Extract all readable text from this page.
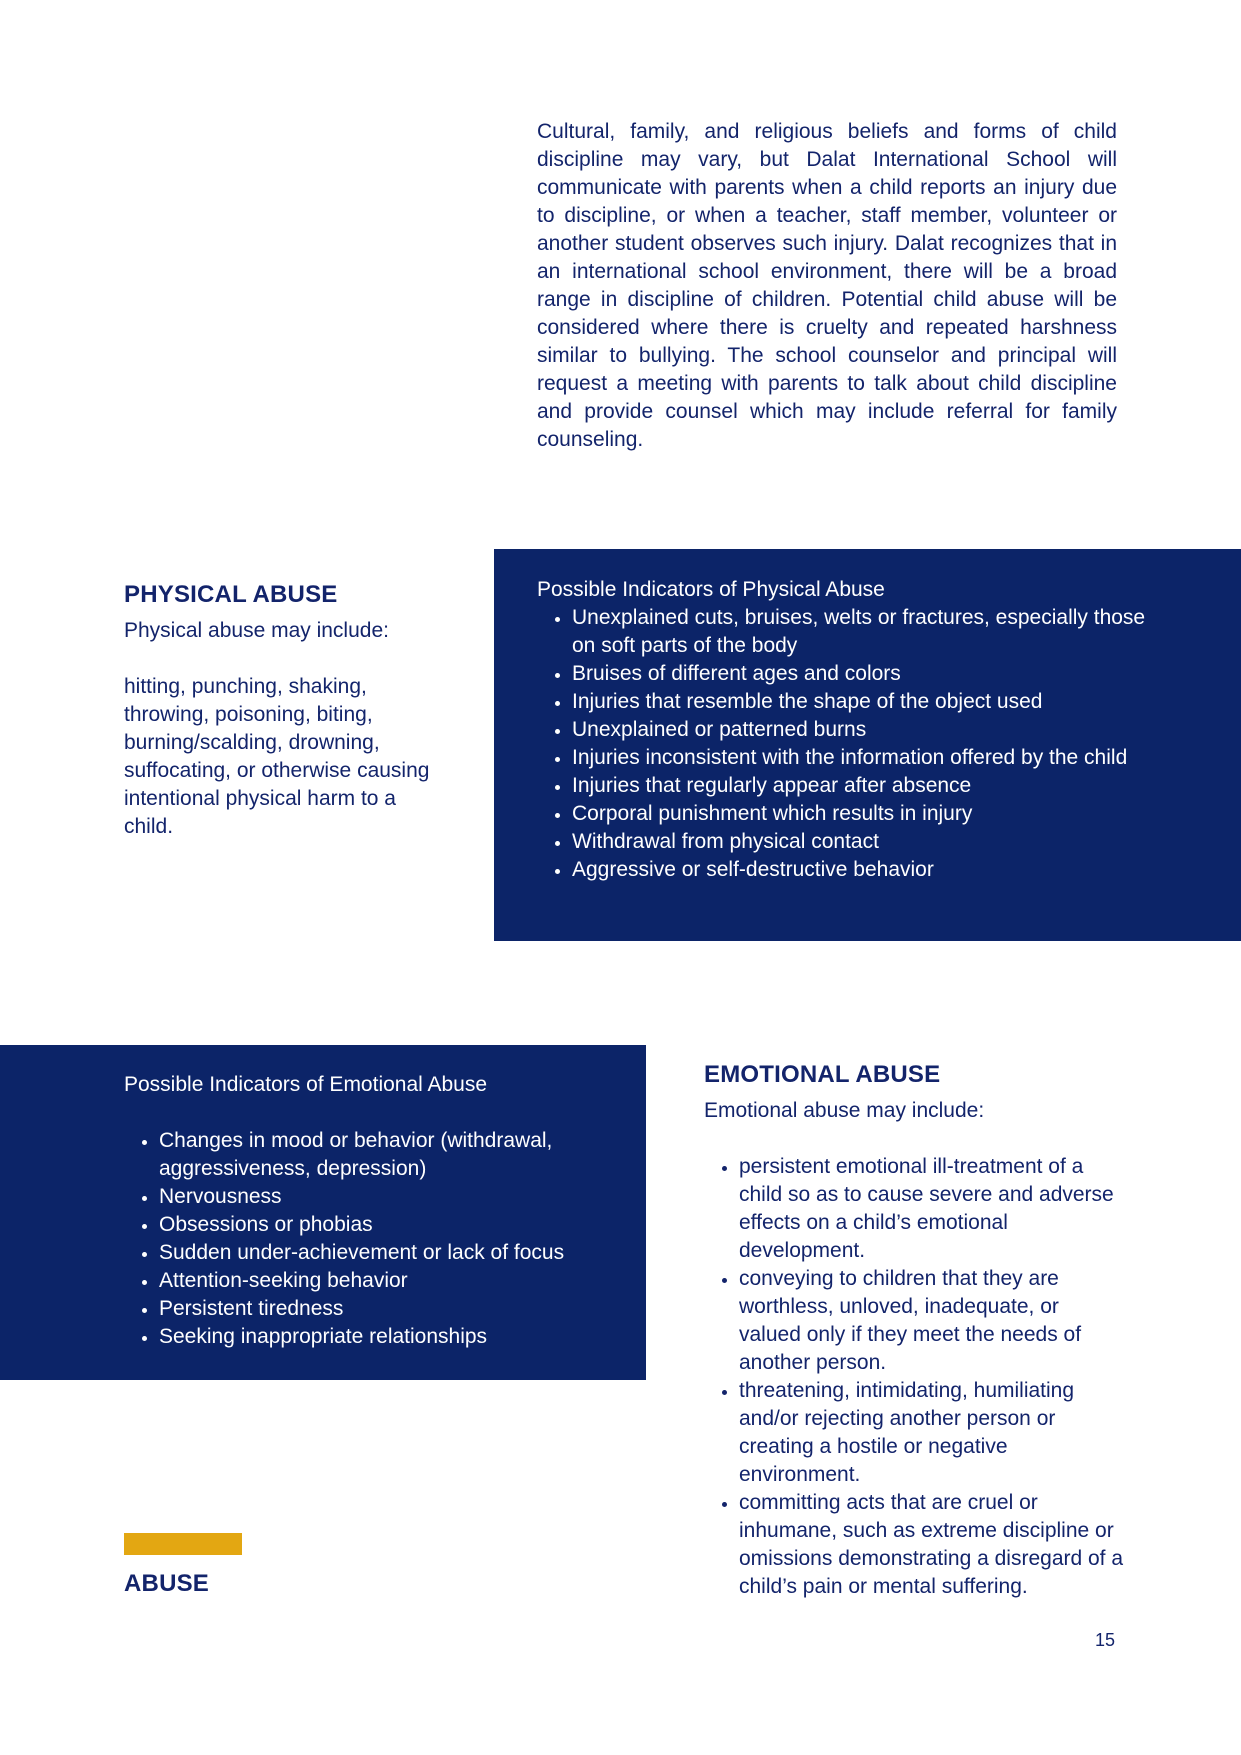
Cultural, family, and religious beliefs and forms of child discipline may vary, but Dalat International School will communicate with parents when a child reports an injury due to discipline, or when a teacher, staff member, volunteer or another student observes such injury. Dalat recognizes that in an international school environment, there will be a broad range in discipline of children. Potential child abuse will be considered where there is cruelty and repeated harshness similar to bullying. The school counselor and principal will request a meeting with parents to talk about child discipline and provide counsel which may include referral for family counseling.
PHYSICAL ABUSE
Physical abuse may include:
hitting, punching, shaking, throwing, poisoning, biting, burning/scalding, drowning, suffocating, or otherwise causing intentional physical harm to a child.
Possible Indicators of Physical Abuse
• Unexplained cuts, bruises, welts or fractures, especially those on soft parts of the body
• Bruises of different ages and colors
• Injuries that resemble the shape of the object used
• Unexplained or patterned burns
• Injuries inconsistent with the information offered by the child
• Injuries that regularly appear after absence
• Corporal punishment which results in injury
• Withdrawal from physical contact
• Aggressive or self-destructive behavior
Possible Indicators of Emotional Abuse
• Changes in mood or behavior (withdrawal, aggressiveness, depression)
• Nervousness
• Obsessions or phobias
• Sudden under-achievement or lack of focus
• Attention-seeking behavior
• Persistent tiredness
• Seeking inappropriate relationships
EMOTIONAL ABUSE
Emotional abuse may include:
• persistent emotional ill-treatment of a child so as to cause severe and adverse effects on a child’s emotional development.
• conveying to children that they are worthless, unloved, inadequate, or valued only if they meet the needs of another person.
• threatening, intimidating, humiliating and/or rejecting another person or creating a hostile or negative environment.
• committing acts that are cruel or inhumane, such as extreme discipline or omissions demonstrating a disregard of a child’s pain or mental suffering.
ABUSE
15
